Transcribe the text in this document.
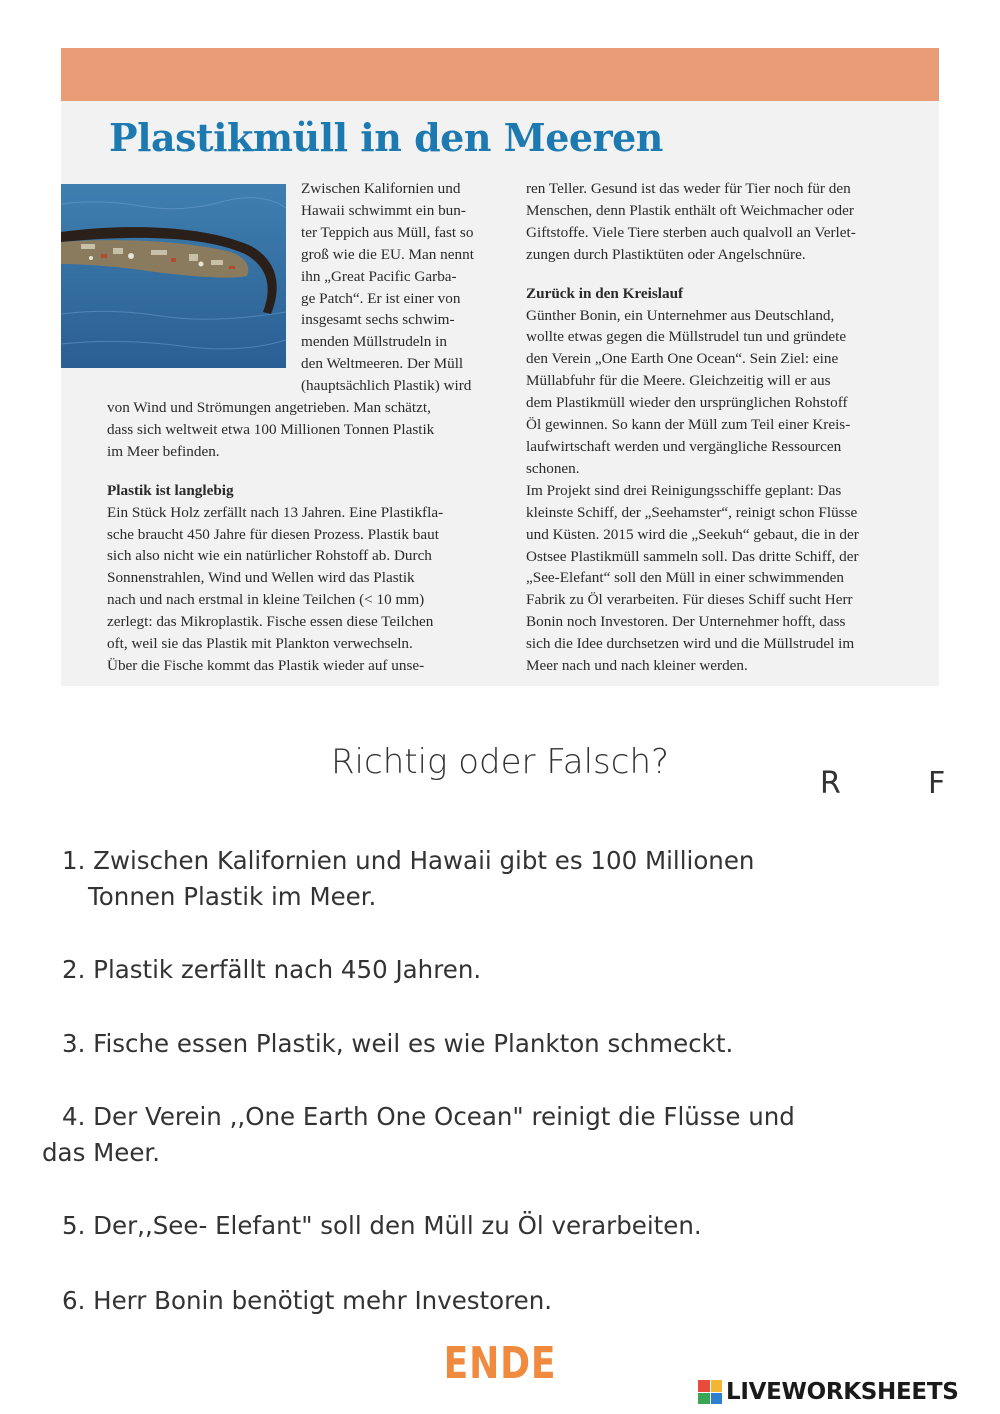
Plastikmüll in den Meeren

Zwischen Kalifornien und

Hawaii schwimmt ein bun-

ter Teppich aus Müll, fast so

groß wie die EU. Man nennt

ihn „Great Pacific Garba-

ge Patch“. Er ist einer von

insgesamt sechs schwim-

menden Müllstrudeln in

den Weltmeeren. Der Müll

(hauptsächlich Plastik) wird

von Wind und Strömungen angetrieben. Man schätzt,

dass sich weltweit etwa 100 Millionen Tonnen Plastik

im Meer befinden.

Plastik ist langlebig

Ein Stück Holz zerfällt nach 13 Jahren. Eine Plastikfla-

sche braucht 450 Jahre für diesen Prozess. Plastik baut

sich also nicht wie ein natürlicher Rohstoff ab. Durch

Sonnenstrahlen, Wind und Wellen wird das Plastik

nach und nach erstmal in kleine Teilchen (< 10 mm)

zerlegt: das Mikroplastik. Fische essen diese Teilchen

oft, weil sie das Plastik mit Plankton verwechseln.

Über die Fische kommt das Plastik wieder auf unse-

ren Teller. Gesund ist das weder für Tier noch für den

Menschen, denn Plastik enthält oft Weichmacher oder

Giftstoffe. Viele Tiere sterben auch qualvoll an Verlet-

zungen durch Plastiktüten oder Angelschnüre.

Zurück in den Kreislauf

Günther Bonin, ein Unternehmer aus Deutschland,

wollte etwas gegen die Müllstrudel tun und gründete

den Verein „One Earth One Ocean“. Sein Ziel: eine

Müllabfuhr für die Meere. Gleichzeitig will er aus

dem Plastikmüll wieder den ursprünglichen Rohstoff

Öl gewinnen. So kann der Müll zum Teil einer Kreis-

laufwirtschaft werden und vergängliche Ressourcen

schonen.

Im Projekt sind drei Reinigungsschiffe geplant: Das

kleinste Schiff, der „Seehamster“, reinigt schon Flüsse

und Küsten. 2015 wird die „Seekuh“ gebaut, die in der

Ostsee Plastikmüll sammeln soll. Das dritte Schiff, der

„See-Elefant“ soll den Müll in einer schwimmenden

Fabrik zu Öl verarbeiten. Für dieses Schiff sucht Herr

Bonin noch Investoren. Der Unternehmer hofft, dass

sich die Idee durchsetzen wird und die Müllstrudel im

Meer nach und nach kleiner werden.

Richtig oder Falsch?
R	F
1. Zwischen Kalifornien und Hawaii gibt es 100 Millionen
Tonnen Plastik im Meer.
2. Plastik zerfällt nach 450 Jahren.
3. Fische essen Plastik, weil es wie Plankton schmeckt.
4. Der Verein ,,One Earth One Ocean" reinigt die Flüsse und
das Meer.
5. Der,,See- Elefant" soll den Müll zu Öl verarbeiten.
6. Herr Bonin benötigt mehr Investoren.
ENDE
LIVEWORKSHEETS
